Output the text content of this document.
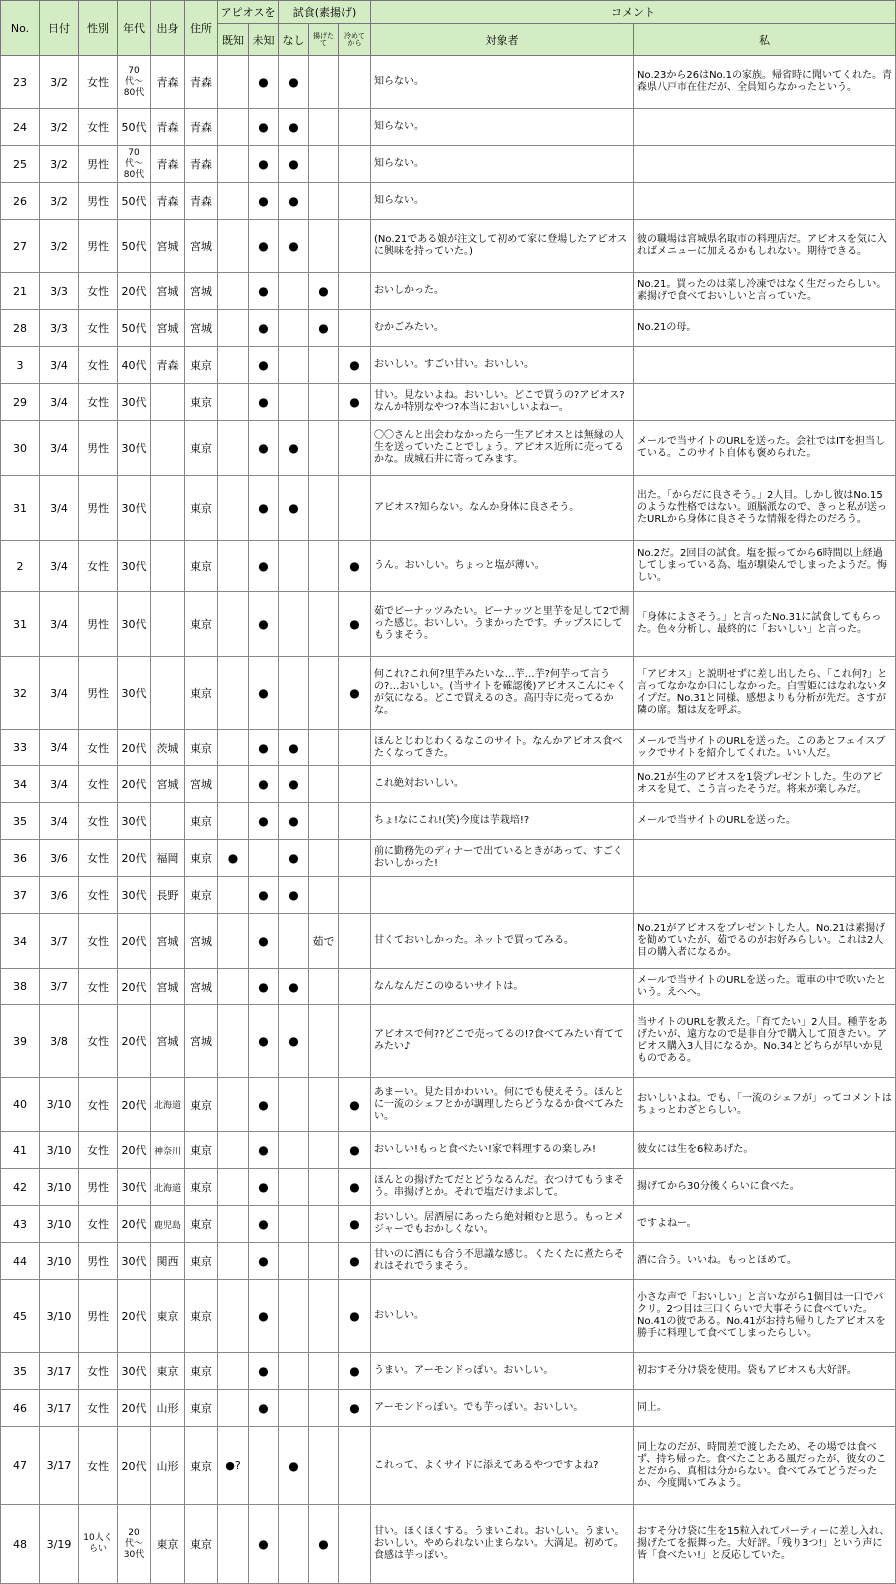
No.	日付	性別	年代	出身	住所	アピオスを		試食(素揚げ)			コメント	
						既知	未知	なし	揚げたて	冷めてから	対象者	私
23	3/2	女性	70代〜80代	青森	青森		●	●			知らない。	No.23から26はNo.1の家族。帰省時に聞いてくれた。青森県八戸市在住だが、全員知らなかったという。
24	3/2	女性	50代	青森	青森		●	●			知らない。	
25	3/2	男性	70代〜80代	青森	青森		●	●			知らない。	
26	3/2	男性	50代	青森	青森		●	●			知らない。	
27	3/2	男性	50代	宮城	宮城		●	●			(No.21である娘が注文して初めて家に登場したアピオスに興味を持っていた。)	彼の職場は宮城県名取市の料理店だ。アピオスを気に入ればメニューに加えるかもしれない。期待できる。
21	3/3	女性	20代	宮城	宮城		●		●		おいしかった。	No.21。買ったのは菜し冷凍ではなく生だったらしい。素揚げで食べておいしいと言っていた。
28	3/3	女性	50代	宮城	宮城		●		●		むかごみたい。	No.21の母。
3	3/4	女性	40代	青森	東京		●			●	おいしい。すごい甘い。おいしい。	
29	3/4	女性	30代		東京		●			●	甘い。見ないよね。おいしい。どこで買うの?アピオス?なんか特別なやつ?本当においしいよねー。	
30	3/4	男性	30代		東京		●	●			〇〇さんと出会わなかったら一生アピオスとは無縁の人生を送っていたことでしょう。アピオス近所に売ってるかな。成城石井に寄ってみます。	メールで当サイトのURLを送った。会社ではITを担当している。このサイト自体も褒められた。
31	3/4	男性	30代		東京		●	●			アピオス?知らない。なんか身体に良さそう。	出た。「からだに良さそう。」2人目。しかし彼はNo.15のような性格ではない。頭脳派なので、きっと私が送ったURLから身体に良さそうな情報を得たのだろう。
2	3/4	女性	30代		東京		●			●	うん。おいしい。ちょっと塩が薄い。	No.2だ。2回目の試食。塩を振ってから6時間以上経過してしまっている為、塩が馴染んでしまったようだ。悔しい。
31	3/4	男性	30代		東京		●			●	茹でピーナッツみたい。ピーナッツと里芋を足して2で割った感じ。おいしい。うまかったです。チップスにしてもうまそう。	「身体によさそう。」と言ったNo.31に試食してもらった。色々分析し、最終的に「おいしい」と言った。
32	3/4	男性	30代		東京		●			●	何これ?これ何?里芋みたいな…芋…芋?何芋って言うの?…おいしい。(当サイトを確認後)アピオスこんにゃくが気になる。どこで買えるのさ。高円寺に売ってるかな。	「アピオス」と説明せずに差し出したら、「これ何?」と言ってなかなか口にしなかった。白雪姫にはなれないタイプだ。No.31と同様、感想よりも分析が先だ。さすが隣の席。類は友を呼ぶ。
33	3/4	女性	20代	茨城	東京		●	●			ほんとじわじわくるなこのサイト。なんかアピオス食べたくなってきた。	メールで当サイトのURLを送った。このあとフェイスブックでサイトを紹介してくれた。いい人だ。
34	3/4	女性	20代	宮城	宮城		●	●			これ絶対おいしい。	No.21が生のアピオスを1袋プレゼントした。生のアピオスを見て、こう言ったそうだ。将来が楽しみだ。
35	3/4	女性	30代		東京		●	●			ちょ!なにこれ!(笑)今度は芋栽培!?	メールで当サイトのURLを送った。
36	3/6	女性	20代	福岡	東京	●		●			前に勤務先のディナーで出ているときがあって、すごくおいしかった!	
37	3/6	女性	30代	長野	東京		●	●				
34	3/7	女性	20代	宮城	宮城		●		茹で		甘くておいしかった。ネットで買ってみる。	No.21がアピオスをプレゼントした人。No.21は素揚げを勧めていたが、茹でるのがお好みらしい。これは2人目の購入者になるか。
38	3/7	女性	20代	宮城	宮城		●	●			なんなんだこのゆるいサイトは。	メールで当サイトのURLを送った。電車の中で吹いたという。えへへ。
39	3/8	女性	20代	宮城	宮城		●	●			アピオスで何??どこで売ってるの!?食べてみたい育ててみたい♪	当サイトのURLを教えた。「育てたい」2人目。種芋をあげたいが、遠方なので是非自分で購入して頂きたい。アピオス購入3人目になるか。No.34とどちらが早いか見ものである。
40	3/10	女性	20代	北海道	東京		●			●	あまーい。見た目かわいい。何にでも使えそう。ほんとに一流のシェフとかが調理したらどうなるか食べてみたい。	おいしいよね。でも、「一流のシェフが」ってコメントはちょっとわざとらしい。
41	3/10	女性	20代	神奈川	東京		●			●	おいしい!もっと食べたい!家で料理するの楽しみ!	彼女には生を6粒あげた。
42	3/10	男性	30代	北海道	東京		●			●	ほんとの揚げたてだとどうなるんだ。衣つけてもうまそう。串揚げとか。それで塩だけまぶして。	揚げてから30分後くらいに食べた。
43	3/10	女性	20代	鹿児島	東京		●			●	おいしい。居酒屋にあったら絶対頼むと思う。もっとメジャーでもおかしくない。	ですよねー。
44	3/10	男性	30代	関西	東京		●			●	甘いのに酒にも合う不思議な感じ。くたくたに煮たらそれはそれでうまそう。	酒に合う。いいね。もっとほめて。
45	3/10	男性	20代	東京	東京		●			●	おいしい。	小さな声で「おいしい」と言いながら1個目は一口でパクリ。2つ目は三口くらいで大事そうに食べていた。No.41の彼である。No.41がお持ち帰りしたアピオスを勝手に料理して食べてしまったらしい。
35	3/17	女性	30代	東京	東京		●			●	うまい。アーモンドっぽい。おいしい。	初おすそ分け袋を使用。袋もアピオスも大好評。
46	3/17	女性	20代	山形	東京		●			●	アーモンドっぽい。でも芋っぽい。おいしい。	同上。
47	3/17	女性	20代	山形	東京	●?		●			これって、よくサイドに添えてあるやつですよね?	同上なのだが、時間差で渡したため、その場では食べず、持ち帰った。食べたことある風だったが、彼女のことだから、真相は分からない。食べてみてどうだったか、今度聞いてみよう。
48	3/19	10人くらい	20代〜30代	東京	東京		●		●		甘い。ほくほくする。うまいこれ。おいしい。うまい。おいしい。やめられない止まらない。大満足。初めて。食感は芋っぽい。	おすそ分け袋に生を15粒入れてパーティーに差し入れ、揚げたてを振舞った。大好評。「残り3つ!」という声に皆「食べたい!」と反応していた。
